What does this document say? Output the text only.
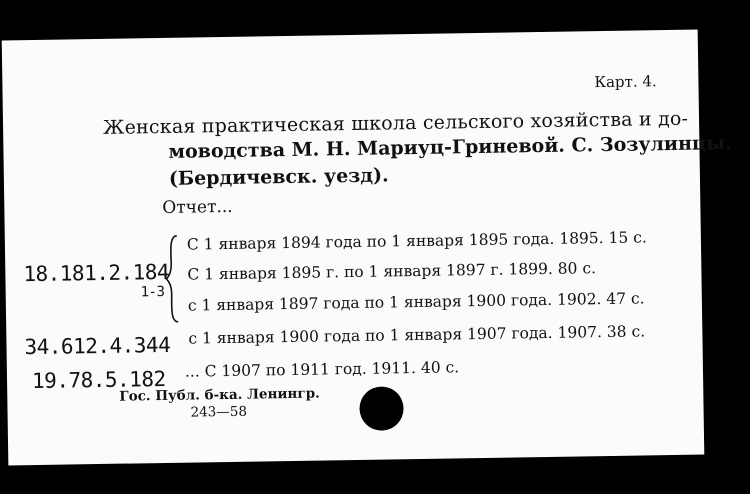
Карт. 4.
Женская практическая школа сельского хозяйства и до-
моводства М. Н. Мариуц-Гриневой. С. Зозулинцы.
(Бердичевск. уезд).
Отчет...
С 1 января 1894 года по 1 января 1895 года. 1895. 15 с.
С 1 января 1895 г. по 1 января 1897 г. 1899. 80 с.
с 1 января 1897 года по 1 января 1900 года. 1902. 47 с.
с 1 января 1900 года по 1 января 1907 года. 1907. 38 с.
... С 1907 по 1911 год. 1911. 40 с.
18.181.2.184
1-3
34.612.4.344
19.78.5.182
Гос. Публ. б-ка. Ленингр.
243—58
